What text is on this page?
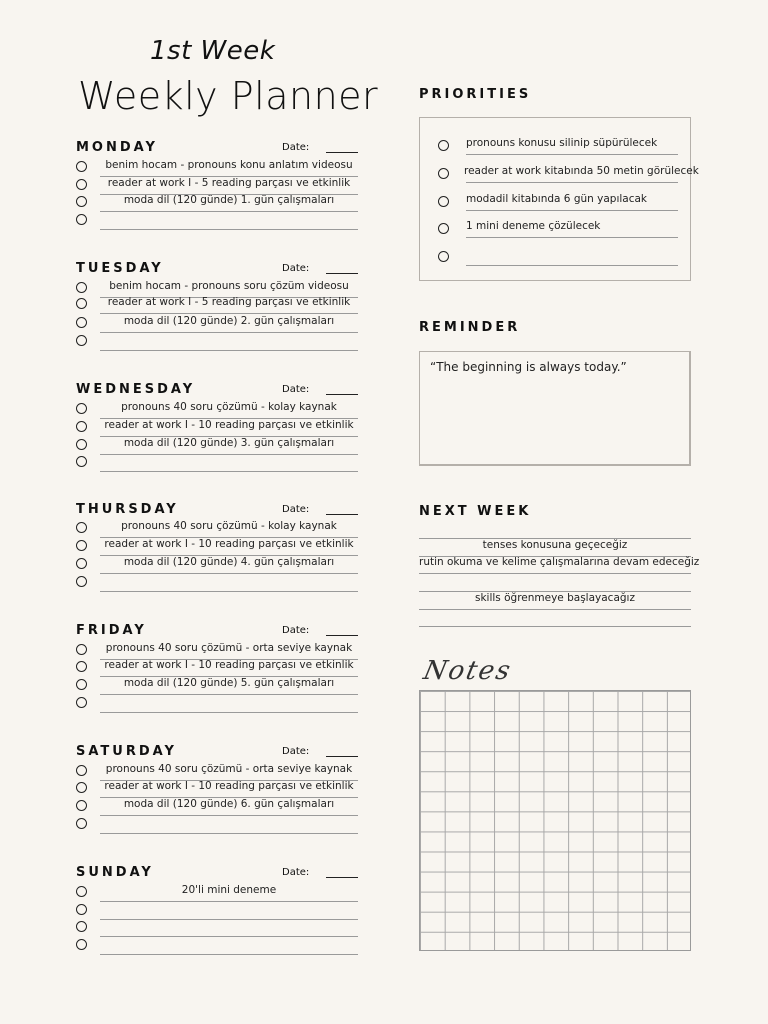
1st Week
Weekly Planner
MONDAY	Date:
benim hocam - pronouns konu anlatım videosu
reader at work I - 5 reading parçası ve etkinlik
moda dil (120 günde) 1. gün çalışmaları
TUESDAY	Date:
benim hocam - pronouns soru çözüm videosu
reader at work I - 5 reading parçası ve etkinlik
moda dil (120 günde) 2. gün çalışmaları
WEDNESDAY	Date:
pronouns 40 soru çözümü - kolay kaynak
reader at work I - 10 reading parçası ve etkinlik
moda dil (120 günde) 3. gün çalışmaları
THURSDAY	Date:
pronouns 40 soru çözümü - kolay kaynak
reader at work I - 10 reading parçası ve etkinlik
moda dil (120 günde) 4. gün çalışmaları
FRIDAY	Date:
pronouns 40 soru çözümü - orta seviye kaynak
reader at work I - 10 reading parçası ve etkinlik
moda dil (120 günde) 5. gün çalışmaları
SATURDAY	Date:
pronouns 40 soru çözümü - orta seviye kaynak
reader at work I - 10 reading parçası ve etkinlik
moda dil (120 günde) 6. gün çalışmaları
SUNDAY	Date:
20'li mini deneme
PRIORITIES
pronouns konusu silinip süpürülecek
reader at work kitabında 50 metin görülecek
modadil kitabında 6 gün yapılacak
1 mini deneme çözülecek
REMINDER
“The beginning is always today.”
NEXT WEEK
tenses konusuna geçeceğiz
rutin okuma ve kelime çalışmalarına devam edeceğiz
skills öğrenmeye başlayacağız
Notes
